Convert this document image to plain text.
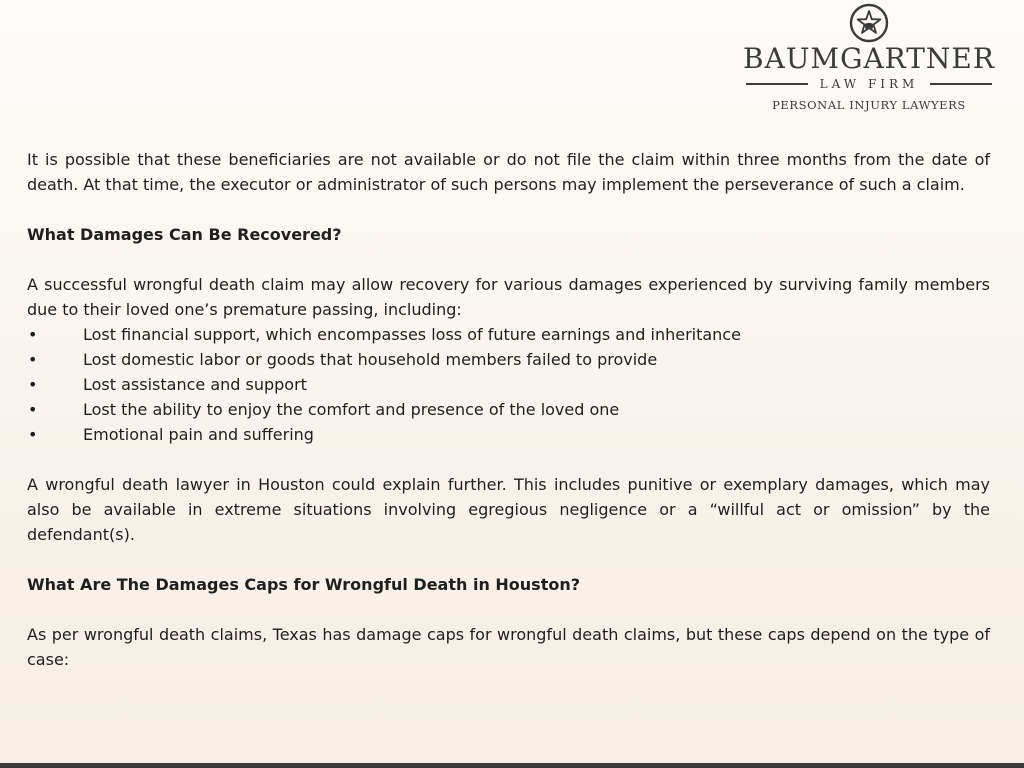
BAUMGARTNER
LAW FIRM
PERSONAL INJURY LAWYERS

It is possible that these beneficiaries are not available or do not file the claim within three months from the date of death. At that time, the executor or administrator of such persons may implement the perseverance of such a claim.

What Damages Can Be Recovered?

A successful wrongful death claim may allow recovery for various damages experienced by surviving family members due to their loved one’s premature passing, including:

•	Lost financial support, which encompasses loss of future earnings and inheritance
•	Lost domestic labor or goods that household members failed to provide
•	Lost assistance and support
•	Lost the ability to enjoy the comfort and presence of the loved one
•	Emotional pain and suffering

A wrongful death lawyer in Houston could explain further. This includes punitive or exemplary damages, which may also be available in extreme situations involving egregious negligence or a “willful act or omission” by the defendant(s).

What Are The Damages Caps for Wrongful Death in Houston?

As per wrongful death claims, Texas has damage caps for wrongful death claims, but these caps depend on the type of case:
